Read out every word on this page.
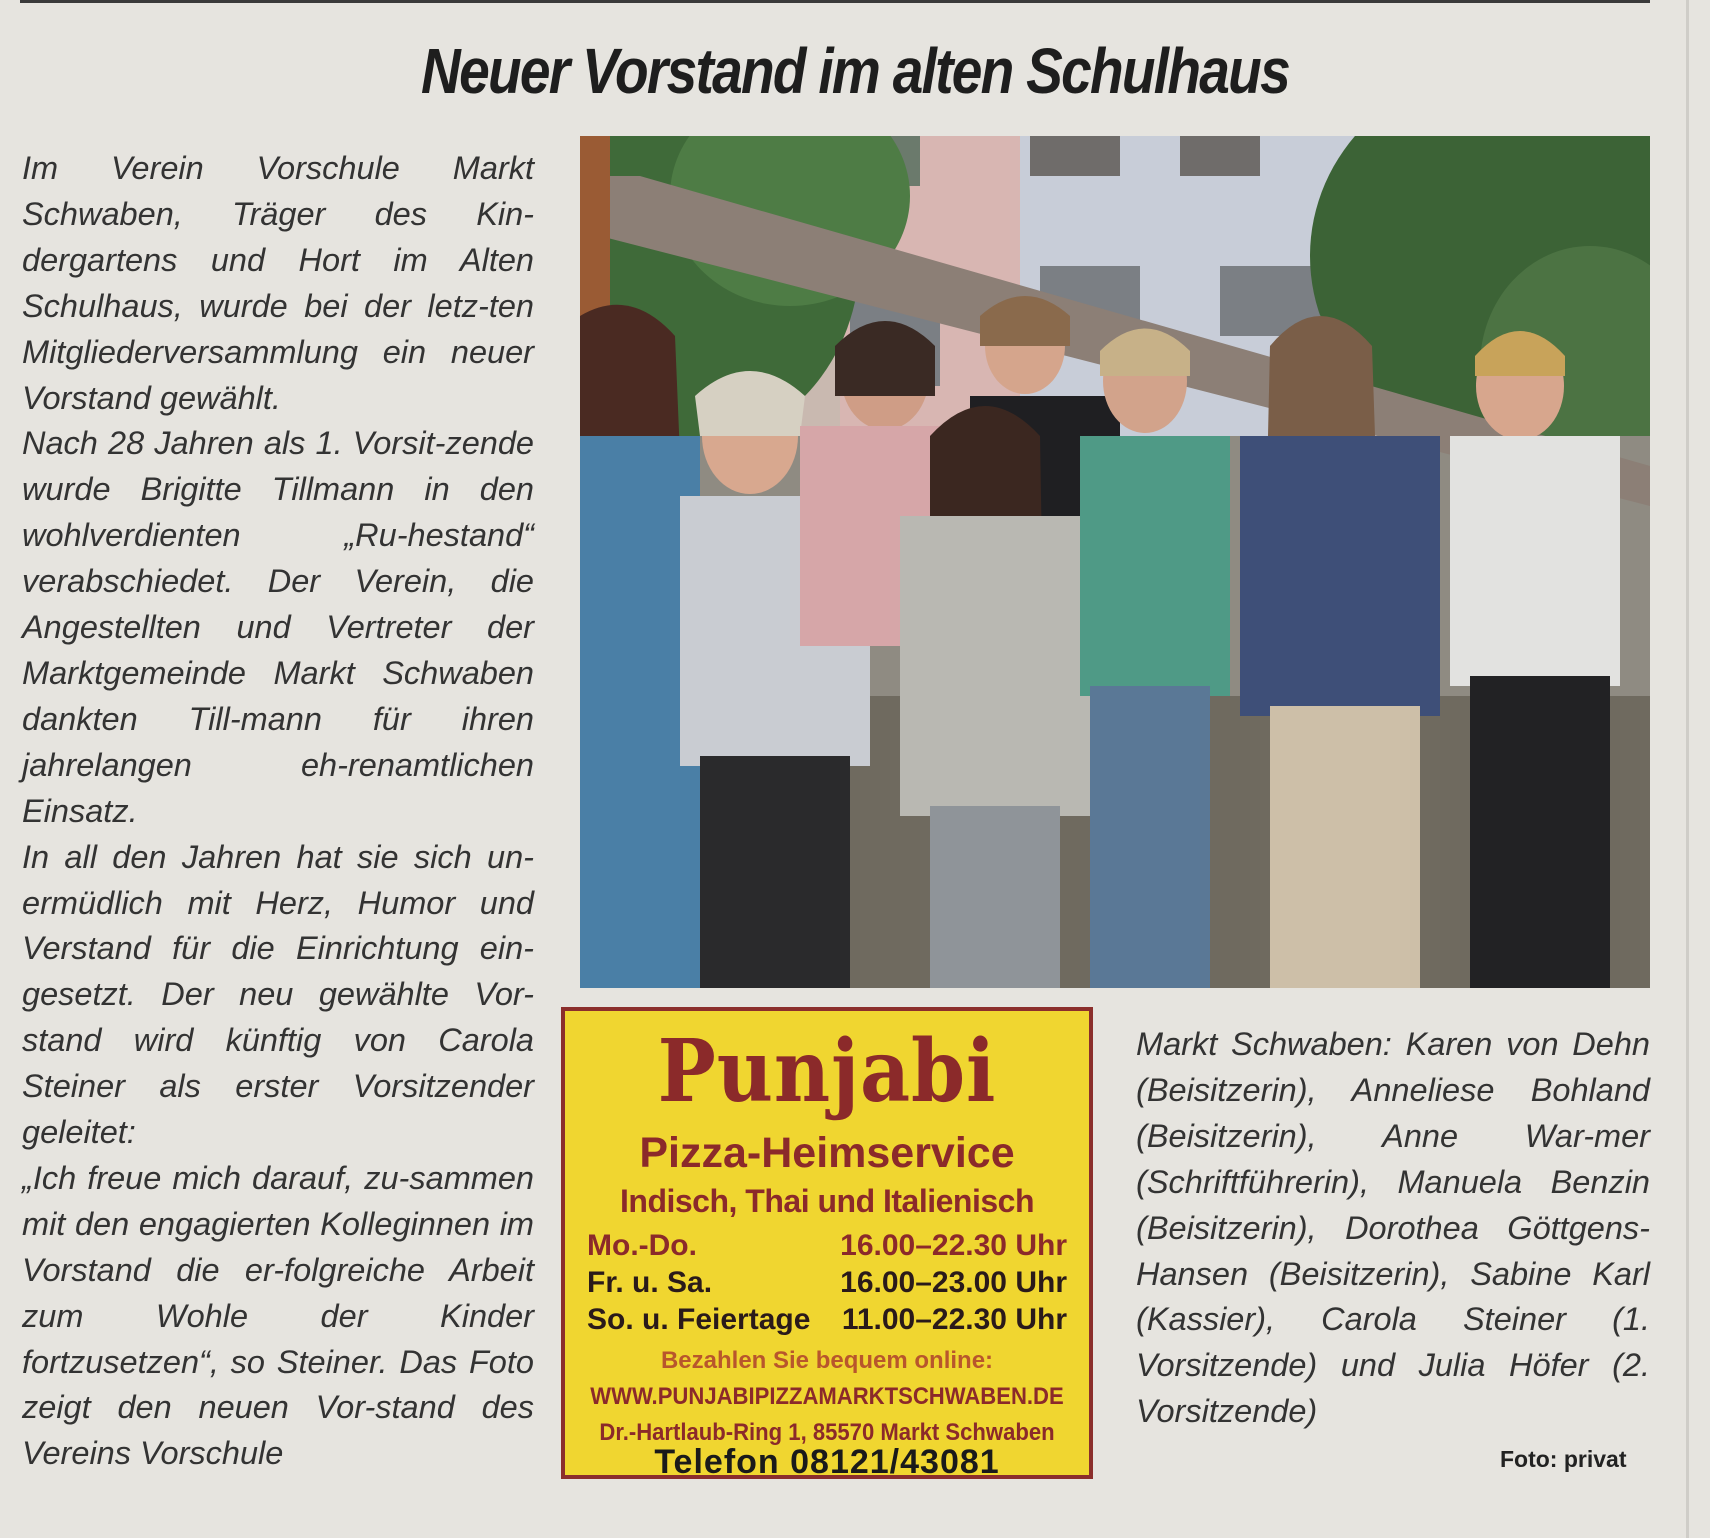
Neuer Vorstand im alten Schulhaus

Im Verein Vorschule Markt Schwaben, Träger des Kin-dergartens und Hort im Alten Schulhaus, wurde bei der letz-ten Mitgliederversammlung ein neuer Vorstand gewählt.

Nach 28 Jahren als 1. Vorsit-zende wurde Brigitte Tillmann in den wohlverdienten „Ru-hestand“ verabschiedet. Der Verein, die Angestellten und Vertreter der Marktgemeinde Markt Schwaben dankten Till-mann für ihren jahrelangen eh-renamtlichen Einsatz.

In all den Jahren hat sie sich un-ermüdlich mit Herz, Humor und Verstand für die Einrichtung ein-gesetzt. Der neu gewählte Vor-stand wird künftig von Carola Steiner als erster Vorsitzender geleitet:

„Ich freue mich darauf, zu-sammen mit den engagierten Kolleginnen im Vorstand die er-folgreiche Arbeit zum Wohle der Kinder fortzusetzen“, so Steiner. Das Foto zeigt den neuen Vor-stand des Vereins Vorschule

Punjabi
Pizza-Heimservice
Indisch, Thai und Italienisch
Mo.-Do.	16.00–22.30 Uhr
Fr. u. Sa.	16.00–23.00 Uhr
So. u. Feiertage 11.00–22.30 Uhr
Bezahlen Sie bequem online:
WWW.PUNJABIPIZZAMARKTSCHWABEN.DE
Dr.-Hartlaub-Ring 1, 85570 Markt Schwaben
Telefon 08121/43081
Markt Schwaben: Karen von Dehn (Beisitzerin), Anneliese Bohland (Beisitzerin), Anne War-mer (Schriftführerin), Manuela Benzin (Beisitzerin), Dorothea Göttgens-Hansen (Beisitzerin), Sabine Karl (Kassier), Carola Steiner (1. Vorsitzende) und Julia Höfer (2. Vorsitzende)
Foto: privat
